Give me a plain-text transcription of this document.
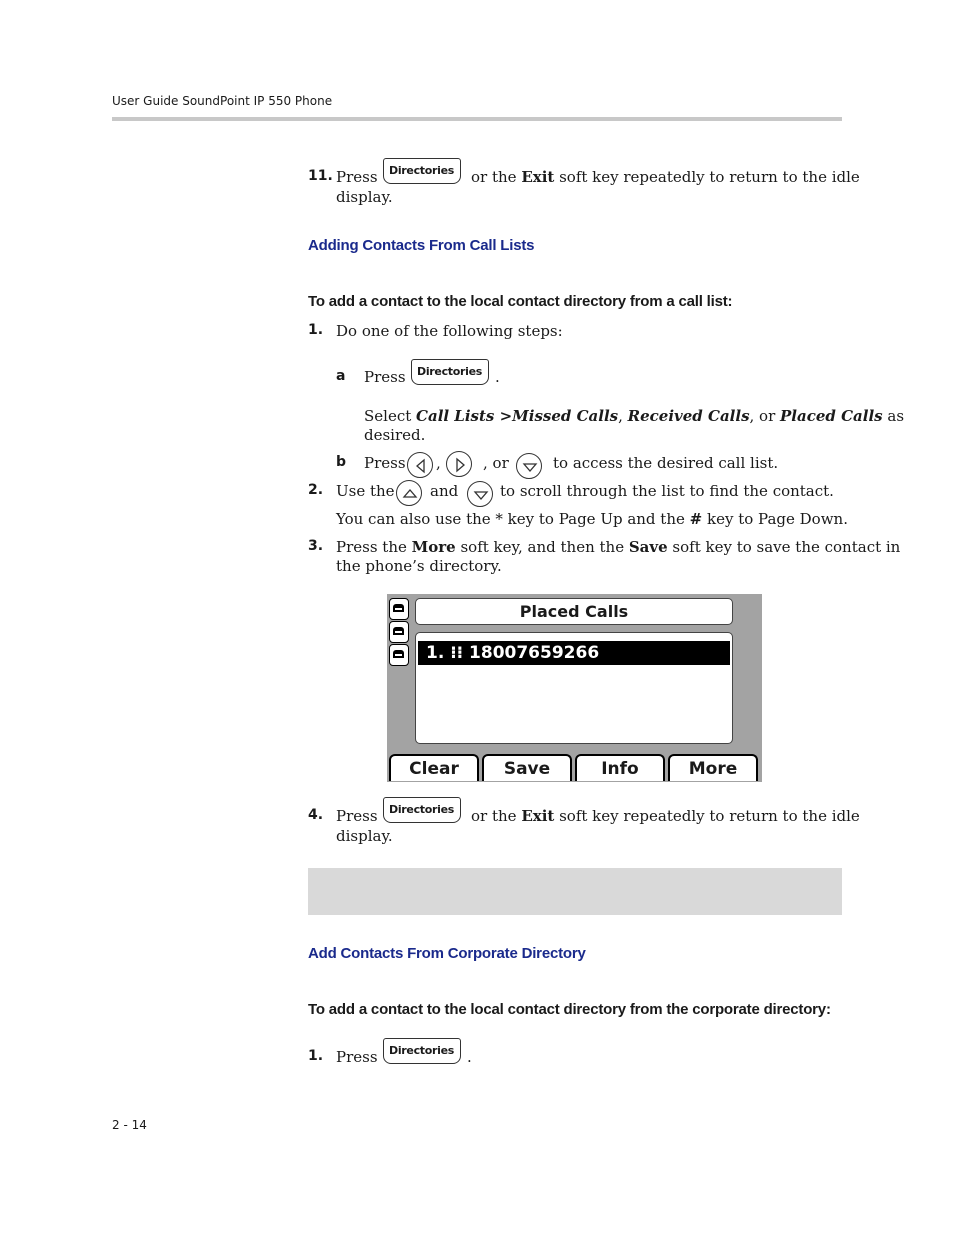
User Guide SoundPoint IP 550 Phone
11. Press	Directories	or the Exit soft key repeatedly to return to the idle
display.
Adding Contacts From Call Lists
To add a contact to the local contact directory from a call list:
1. Do one of the following steps:
a Press	Directories .
Select Call Lists >Missed Calls, Received Calls, or Placed Calls as
desired.
b Press ,	, or	to access the desired call list.
2. Use the and	to scroll through the list to find the contact.
You can also use the * key to Page Up and the # key to Page Down.
3. Press the More soft key, and then the Save soft key to save the contact in
the phone’s directory.
Placed Calls
1. ⁝⁝ 18007659266
Clear	Save	Info	More
4. Press	Directories	or the Exit soft key repeatedly to return to the idle
display.
Add Contacts From Corporate Directory
To add a contact to the local contact directory from the corporate directory:
1. Press	Directories .
2 - 14
